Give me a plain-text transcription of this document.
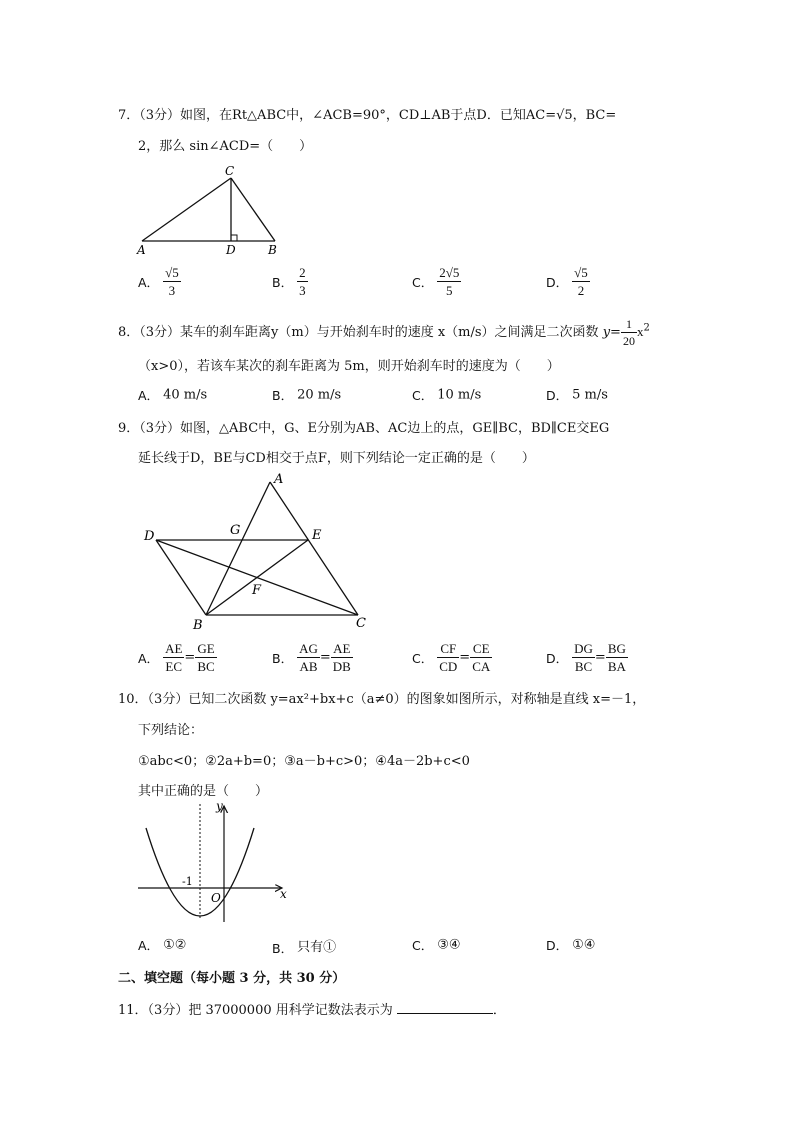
7．（3分）如图，在Rt△ABC中，∠ACB=90°，CD⊥AB于点D．已知AC=√5，BC=
2，那么 sin∠ACD=（　　）
C
A	D	B
A． $\frac{√5}{3}$	B． $\frac{2}{3}$	C． $\frac{2√5}{5}$	D． $\frac{√5}{2}$
8．（3分）某车的刹车距离y（m）与开始刹车时的速度 x（m/s）之间满足二次函数 $y= \frac{1}{20} x^2$
（x>0），若该车某次的刹车距离为 5m，则开始刹车时的速度为（　　）
A． 40 m/s	B． 20 m/s	C． 10 m/s	D． 5 m/s
9．（3分）如图，△ABC中，G、E分别为AB、AC边上的点，GE∥BC，BD∥CE交EG
延长线于D，BE与CD相交于点F，则下列结论一定正确的是（　　）
A
D	G	E
F
B	C
A． $\frac{AE}{EC} = \frac{GE}{BC}$	B． $\frac{AG}{AB} = \frac{AE}{DB}$	C． $\frac{CF}{CD} = \frac{CE}{CA}$	D． $\frac{DG}{BC} = \frac{BG}{BA}$
10．（3分）已知二次函数 y=ax²+bx+c（a≠0）的图象如图所示，对称轴是直线 x=－1，
下列结论：
①abc<0；②2a+b=0；③a－b+c>0；④4a－2b+c<0
其中正确的是（　　）
y
x
O
-1
A． ①②	B． 只有①	C． ③④	D． ①④
二、填空题（每小题 3 分，共 30 分）
11．（3分）把 37000000 用科学记数法表示为	．
